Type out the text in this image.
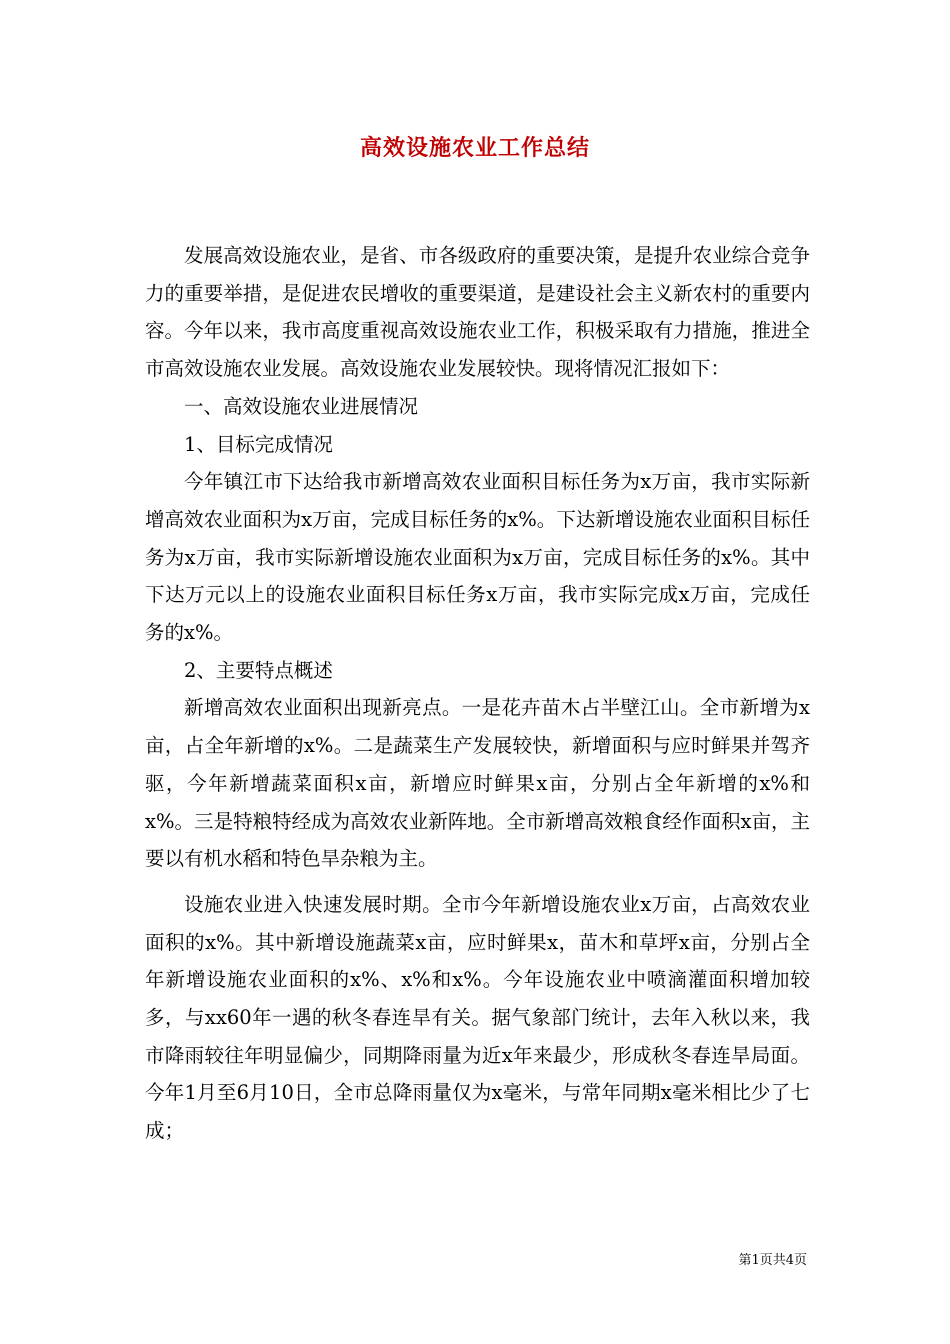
高效设施农业工作总结

发展高效设施农业，是省、市各级政府的重要决策，是提升农业综合竞争力的重要举措，是促进农民增收的重要渠道，是建设社会主义新农村的重要内容。今年以来，我市高度重视高效设施农业工作，积极采取有力措施，推进全市高效设施农业发展。高效设施农业发展较快。现将情况汇报如下：

一、高效设施农业进展情况

1、目标完成情况

今年镇江市下达给我市新增高效农业面积目标任务为x万亩，我市实际新增高效农业面积为x万亩，完成目标任务的x%。下达新增设施农业面积目标任务为x万亩，我市实际新增设施农业面积为x万亩，完成目标任务的x%。其中下达万元以上的设施农业面积目标任务x万亩，我市实际完成x万亩，完成任务的x%。

2、主要特点概述

新增高效农业面积出现新亮点。一是花卉苗木占半壁江山。全市新增为x亩，占全年新增的x%。二是蔬菜生产发展较快，新增面积与应时鲜果并驾齐驱，今年新增蔬菜面积x亩，新增应时鲜果x亩，分别占全年新增的x%和x%。三是特粮特经成为高效农业新阵地。全市新增高效粮食经作面积x亩，主要以有机水稻和特色旱杂粮为主。

设施农业进入快速发展时期。全市今年新增设施农业x万亩，占高效农业面积的x%。其中新增设施蔬菜x亩，应时鲜果x，苗木和草坪x亩，分别占全年新增设施农业面积的x%、x%和x%。今年设施农业中喷滴灌面积增加较多，与xx60年一遇的秋冬春连旱有关。据气象部门统计，去年入秋以来，我市降雨较往年明显偏少，同期降雨量为近x年来最少，形成秋冬春连旱局面。今年1月至6月10日，全市总降雨量仅为x毫米，与常年同期x毫米相比少了七成；

第1页共4页
